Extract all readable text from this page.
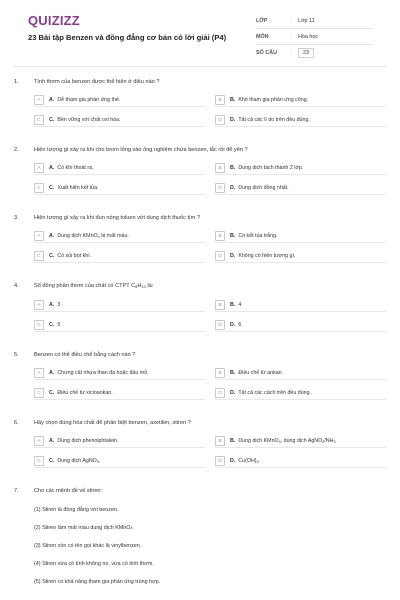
QUIZIZZ
23 Bài tập Benzen và đồng đẳng cơ bản có lời giải (P4)
LỚP	:	Lớp 11
MÔN	:	Hóa học
SỐ CÂU	:	23
1.	Tính thơm của benzen được thể hiện ở điều nào ?
A	A. Dễ tham gia phản ứng thế.	B	B. Khó tham gia phản ứng cộng.
C	C. Bền vững với chất oxi hóa.	D	D. Tất cả các lí do trên đều đúng.
2.	Hiện tượng gì xảy ra khi cho brom lỏng vào ống nghiệm chứa benzen, lắc rồi để yên ?
A	A. Có khí thoát ra.	B	B. Dung dịch tách thành 2 lớp.
C	C. Xuất hiện kết tủa.	D	D. Dung dịch đồng nhất.
3.	Hiện tượng gì xảy ra khi đun nóng toluen với dung dịch thuốc tím ?
A	A. Dung dịch KMnO$_4$ bị mất màu.	B	B. Có kết tủa trắng.
C	C. Có sủi bọt khí.	D	D. Không có hiện tượng gì.
4.	Số đồng phân thơm của chất có CTPT $C_8H_{10}$ là:
A	A. 3	B	B. 4
C	C. 5	D	D. 6
5.	Benzen có thể điều chế bằng cách nào ?
A	A. Chưng cất nhựa than đá hoặc dầu mỏ.	B	B. Điều chế từ ankan.
C	C. Điều chế từ xicloankan.	D	D. Tất cả các cách trên đều đúng.
6.	Hãy chọn đúng hóa chất để phân biệt benzen, axetilen, stiren ?
A	A. Dung dịch phenolphtalein.	B	B. Dung dịch KMnO$_4$, dung dịch $AgNO_3/NH_3$
C	C. Dung dịch AgNO$_3$.	D	D. $Cu(OH)_2$.
7.	Cho các mệnh đề về stiren:
(1) Stiren là đồng đẳng với benzen.
(2) Stiren làm mất màu dung dịch KMnO 4
(3) Stiren còn có tên gọi khác là vinylbenzen.
(4) Stiren vừa có tính không no, vừa có tính thơm.
(5) Stiren có khả năng tham gia phản ứng trùng hợp.
